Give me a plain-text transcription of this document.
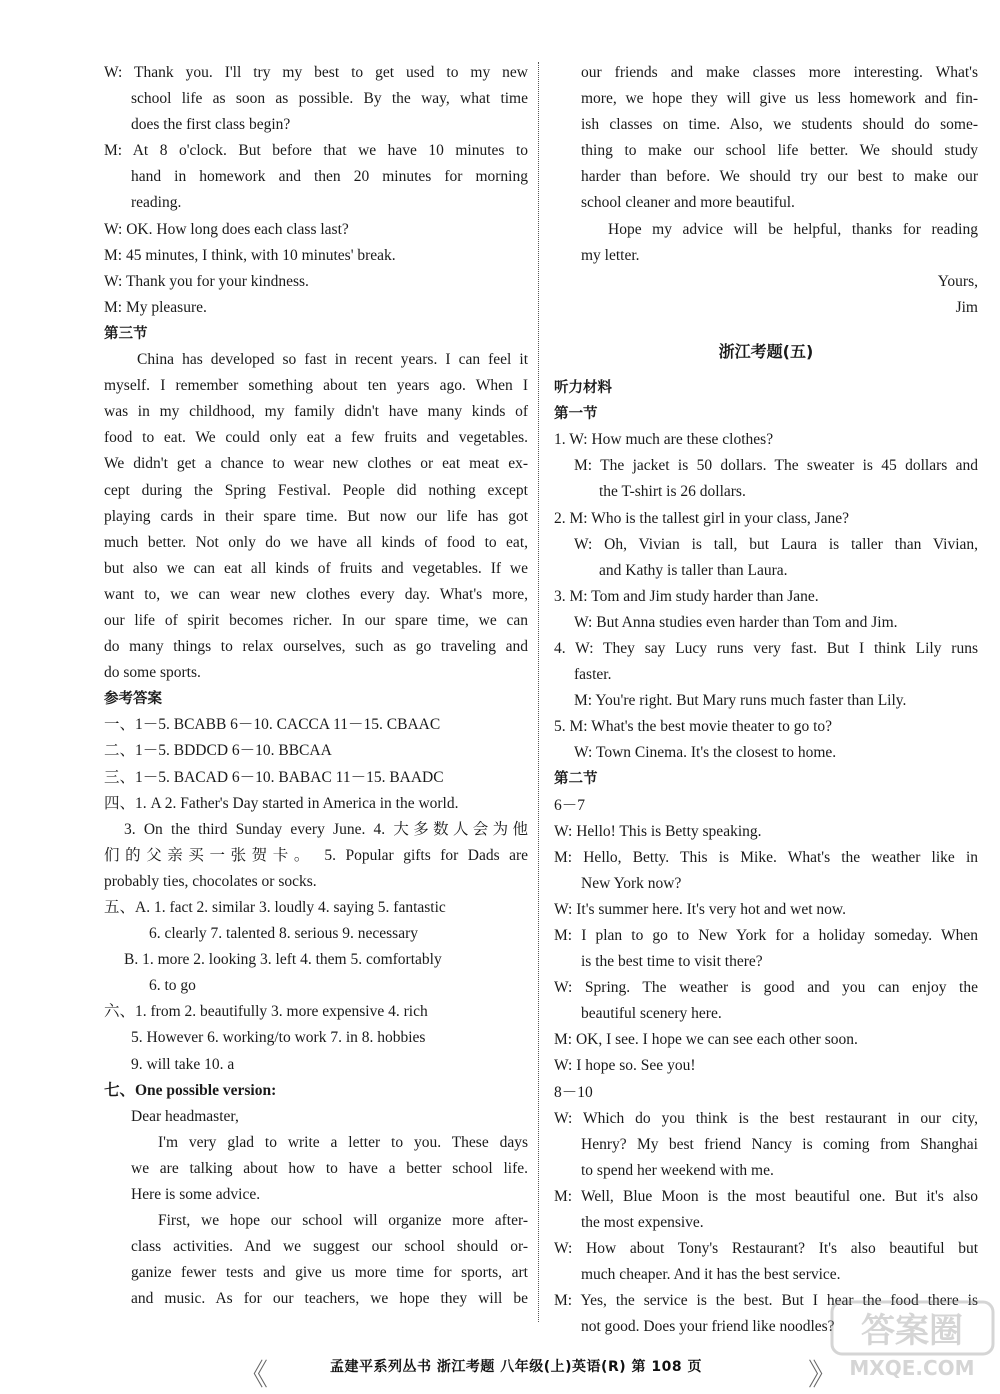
W: Thank you. I'll try my best to get used to my new
school life as soon as possible. By the way, what time
does the first class begin?
M: At 8 o'clock. But before that we have 10 minutes to
hand in homework and then 20 minutes for morning
reading.
W: OK. How long does each class last?
M: 45 minutes, I think, with 10 minutes' break.
W: Thank you for your kindness.
M: My pleasure.
第三节
China has developed so fast in recent years. I can feel it
myself. I remember something about ten years ago. When I
was in my childhood, my family didn't have many kinds of
food to eat. We could only eat a few fruits and vegetables.
We didn't get a chance to wear new clothes or eat meat ex-
cept during the Spring Festival. People did nothing except
playing cards in their spare time. But now our life has got
much better. Not only do we have all kinds of food to eat,
but also we can eat all kinds of fruits and vegetables. If we
want to, we can wear new clothes every day. What's more,
our life of spirit becomes richer. In our spare time, we can
do many things to relax ourselves, such as go traveling and
do some sports.
参考答案
一、1－5. BCABB 6－10. CACCA 11－15. CBAAC
二、1－5. BDDCD 6－10. BBCAA
三、1－5. BACAD 6－10. BABAC 11－15. BAADC
四、1. A 2. Father's Day started in America in the world.
3. On the third Sunday every June. 4. 大多数人会为他
们的父亲买一张贺卡。 5. Popular gifts for Dads are
probably ties, chocolates or socks.
五、A. 1. fact 2. similar 3. loudly 4. saying 5. fantastic
6. clearly 7. talented 8. serious 9. necessary
B. 1. more 2. looking 3. left 4. them 5. comfortably
6. to go
六、1. from 2. beautifully 3. more expensive 4. rich
5. However 6. working/to work 7. in 8. hobbies
9. will take 10. a
七、One possible version:
Dear headmaster,
I'm very glad to write a letter to you. These days
we are talking about how to have a better school life.
Here is some advice.
First, we hope our school will organize more after-
class activities. And we suggest our school should or-
ganize fewer tests and give us more time for sports, art
and music. As for our teachers, we hope they will be
our friends and make classes more interesting. What's
more, we hope they will give us less homework and fin-
ish classes on time. Also, we students should do some-
thing to make our school life better. We should study
harder than before. We should try our best to make our
school cleaner and more beautiful.
Hope my advice will be helpful, thanks for reading
my letter.
Yours,
Jim
浙江考题(五)
听力材料
第一节
1. W: How much are these clothes?
M: The jacket is 50 dollars. The sweater is 45 dollars and
the T-shirt is 26 dollars.
2. M: Who is the tallest girl in your class, Jane?
W: Oh, Vivian is tall, but Laura is taller than Vivian,
and Kathy is taller than Laura.
3. M: Tom and Jim study harder than Jane.
W: But Anna studies even harder than Tom and Jim.
4. W: They say Lucy runs very fast. But I think Lily runs
faster.
M: You're right. But Mary runs much faster than Lily.
5. M: What's the best movie theater to go to?
W: Town Cinema. It's the closest to home.
第二节
6－7
W: Hello! This is Betty speaking.
M: Hello, Betty. This is Mike. What's the weather like in
New York now?
W: It's summer here. It's very hot and wet now.
M: I plan to go to New York for a holiday someday. When
is the best time to visit there?
W: Spring. The weather is good and you can enjoy the
beautiful scenery here.
M: OK, I see. I hope we can see each other soon.
W: I hope so. See you!
8－10
W: Which do you think is the best restaurant in our city,
Henry? My best friend Nancy is coming from Shanghai
to spend her weekend with me.
M: Well, Blue Moon is the most beautiful one. But it's also
the most expensive.
W: How about Tony's Restaurant? It's also beautiful but
much cheaper. And it has the best service.
M: Yes, the service is the best. But I hear the food there is
not good. Does your friend like noodles?
《	孟建平系列丛书 浙江考题 八年级(上)英语(R) 第 108 页	》
答案圈
MXQE.COM
